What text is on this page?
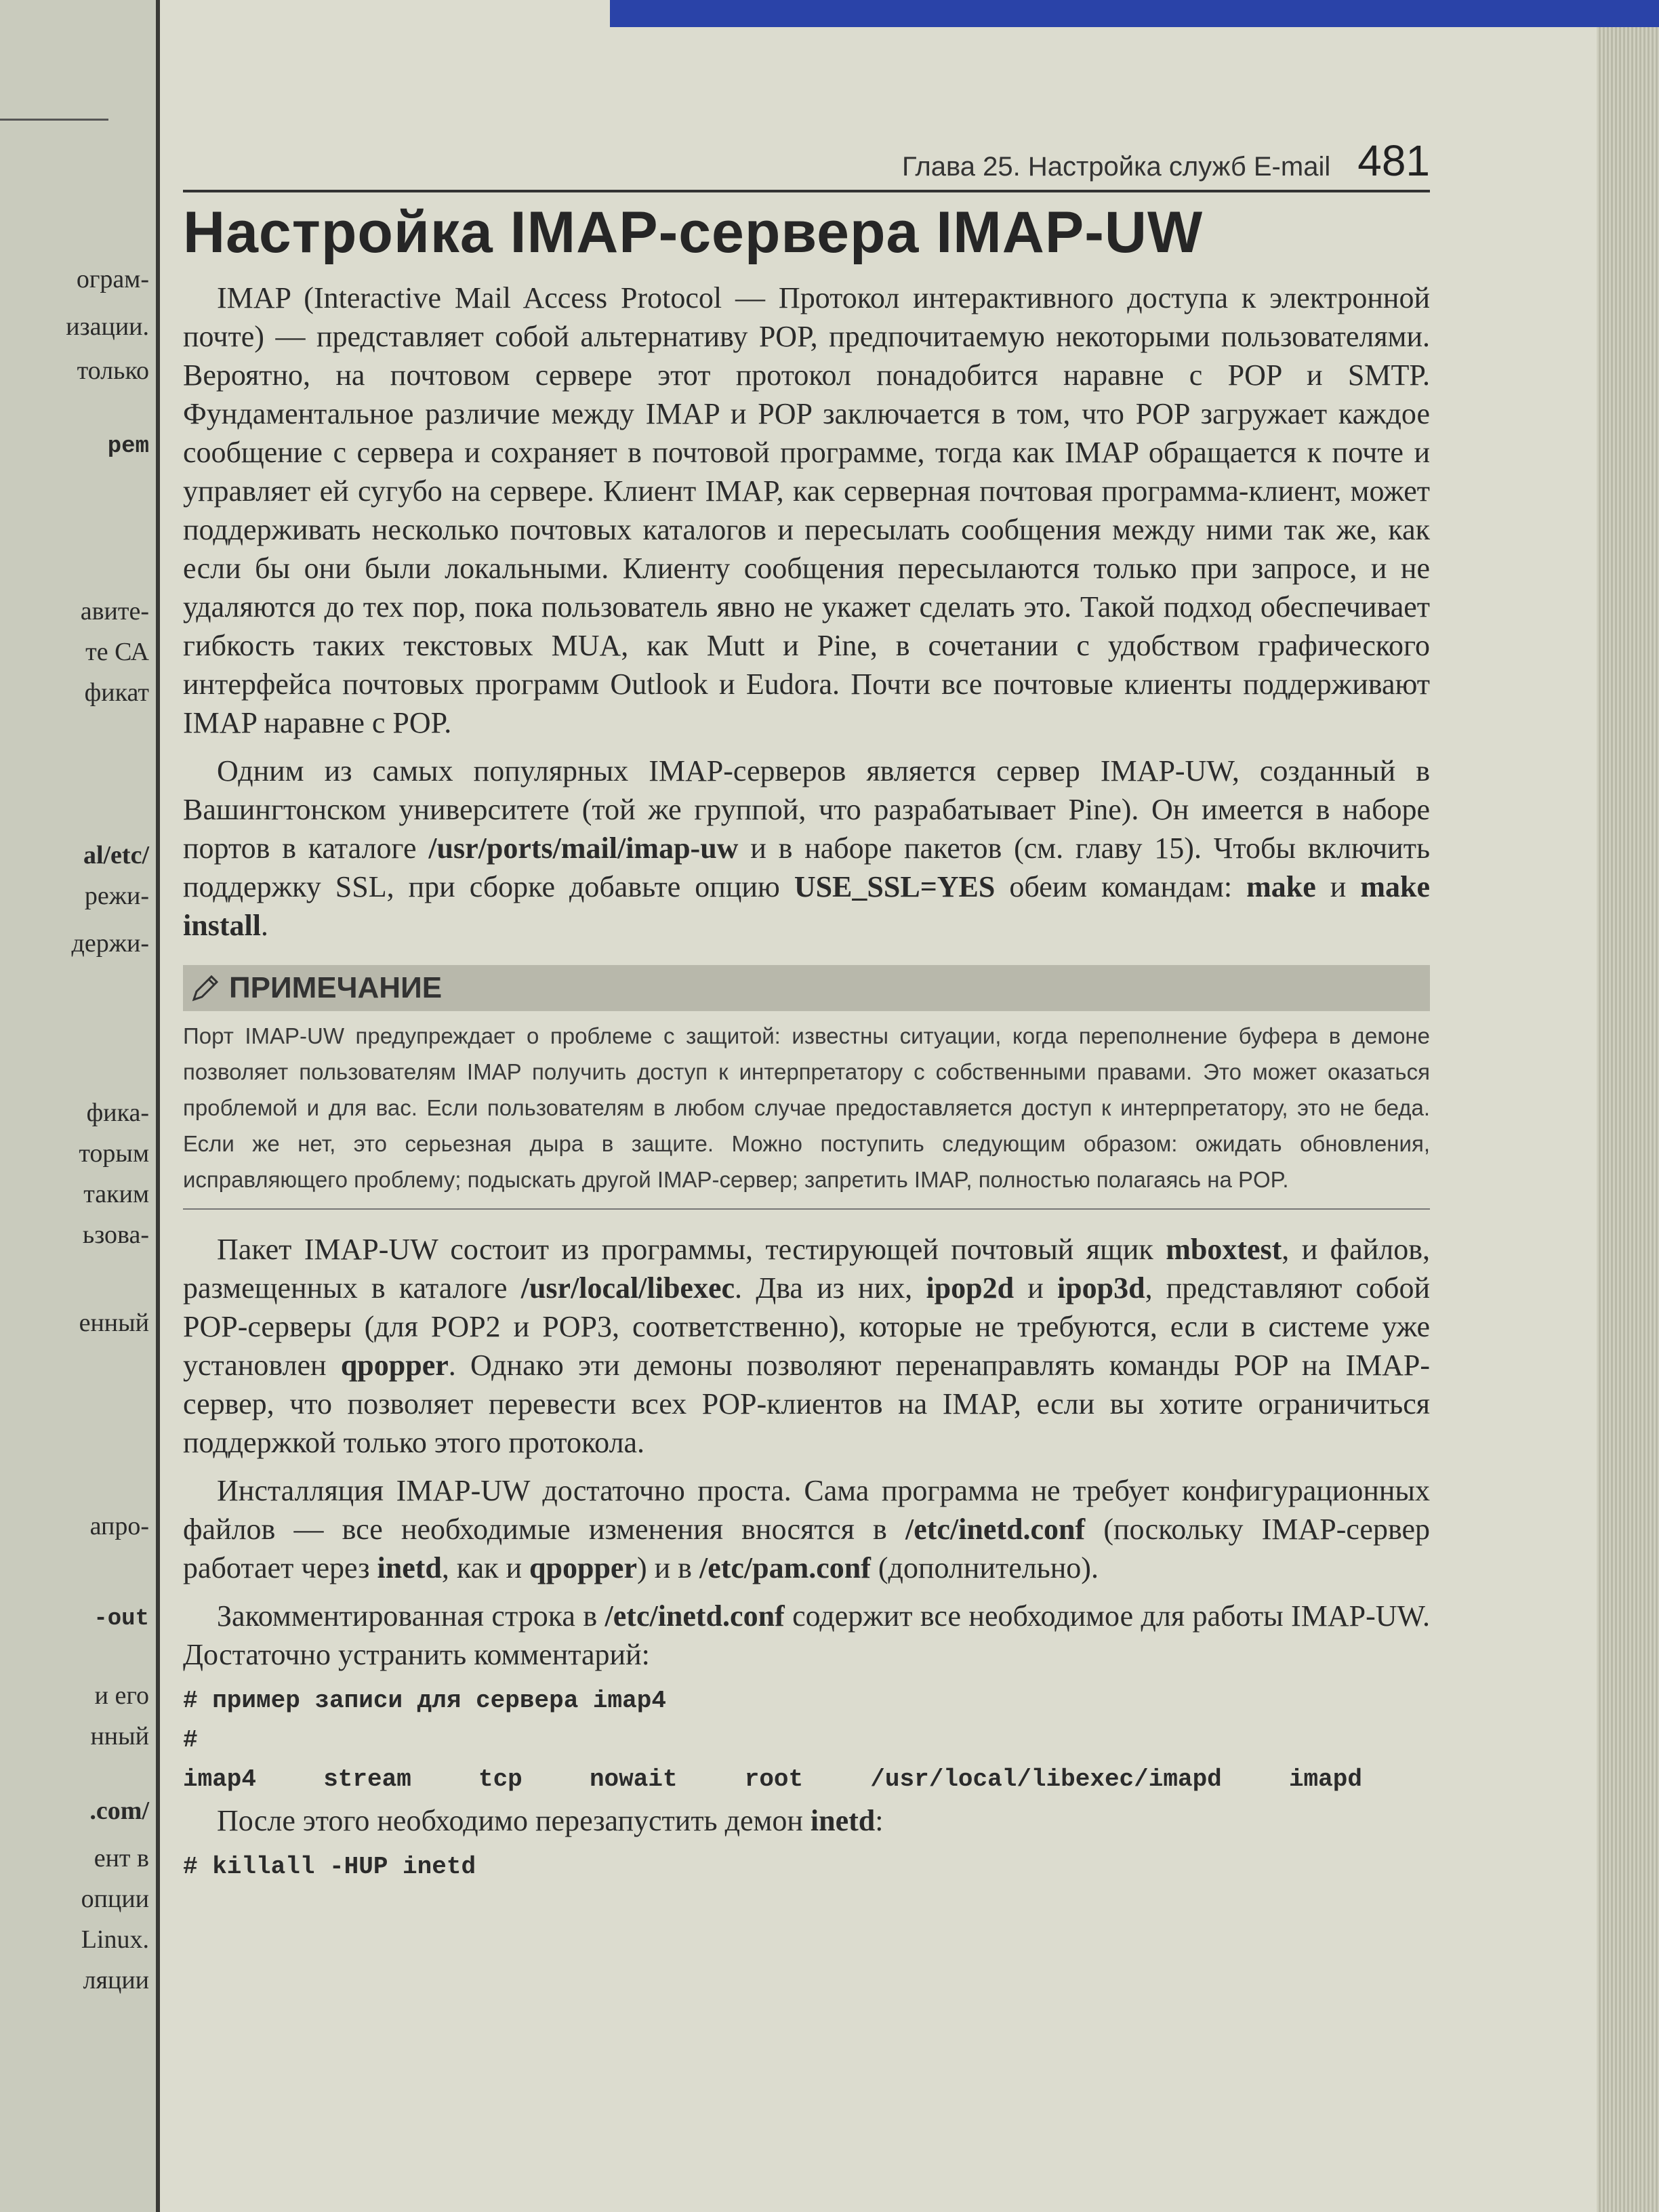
ограм-
изации.
только
pem
авите-
те СА
фикат
al/etc/
режи-
держи-
фика-
торым
таким
ьзова-
енный
апро-
-out
и его
нный
.com/
ент в
опции
Linux.
ляции
Глава 25. Настройка служб E-mail 481
Настройка IMAP-сервера IMAP-UW

IMAP (Interactive Mail Access Protocol — Протокол интерактивного доступа к электронной почте) — представляет собой альтернативу POP, предпочитаемую некоторыми пользователями. Вероятно, на почтовом сервере этот протокол понадобится наравне с POP и SMTP. Фундаментальное различие между IMAP и POP заключается в том, что POP загружает каждое сообщение с сервера и сохраняет в почтовой программе, тогда как IMAP обращается к почте и управляет ей сугубо на сервере. Клиент IMAP, как серверная почтовая программа-клиент, может поддерживать несколько почтовых каталогов и пересылать сообщения между ними так же, как если бы они были локальными. Клиенту сообщения пересылаются только при запросе, и не удаляются до тех пор, пока пользователь явно не укажет сделать это. Такой подход обеспечивает гибкость таких текстовых MUA, как Mutt и Pine, в сочетании с удобством графического интерфейса почтовых программ Outlook и Eudora. Почти все почтовые клиенты поддерживают IMAP наравне с POP.

Одним из самых популярных IMAP-серверов является сервер IMAP-UW, созданный в Вашингтонском университете (той же группой, что разрабатывает Pine). Он имеется в наборе портов в каталоге /usr/ports/mail/imap-uw и в наборе пакетов (см. главу 15). Чтобы включить поддержку SSL, при сборке добавьте опцию USE_SSL=YES обеим командам: make и make install.

ПРИМЕЧАНИЕ
Порт IMAP-UW предупреждает о проблеме с защитой: известны ситуации, когда переполнение буфера в демоне позволяет пользователям IMAP получить доступ к интерпретатору с собственными правами. Это может оказаться проблемой и для вас. Если пользователям в любом случае предоставляется доступ к интерпретатору, это не беда. Если же нет, это серьезная дыра в защите. Можно поступить следующим образом: ожидать обновления, исправляющего проблему; подыскать другой IMAP-сервер; запретить IMAP, полностью полагаясь на POP.

Пакет IMAP-UW состоит из программы, тестирующей почтовый ящик mboxtest, и файлов, размещенных в каталоге /usr/local/libexec. Два из них, ipop2d и ipop3d, представляют собой POP-серверы (для POP2 и POP3, соответственно), которые не требуются, если в системе уже установлен qpopper. Однако эти демоны позволяют перенаправлять команды POP на IMAP-сервер, что позволяет перевести всех POP-клиентов на IMAP, если вы хотите ограничиться поддержкой только этого протокола.

Инсталляция IMAP-UW достаточно проста. Сама программа не требует конфигурационных файлов — все необходимые изменения вносятся в /etc/inetd.conf (поскольку IMAP-сервер работает через inetd, как и qpopper) и в /etc/pam.conf (дополнительно).

Закомментированная строка в /etc/inetd.conf содержит все необходимое для работы IMAP-UW. Достаточно устранить комментарий:

# пример записи для сервера imap4
#
imap4	stream	tcp	nowait	root	/usr/local/libexec/imapd	imapd

После этого необходимо перезапустить демон inetd:

# killall -HUP inetd
